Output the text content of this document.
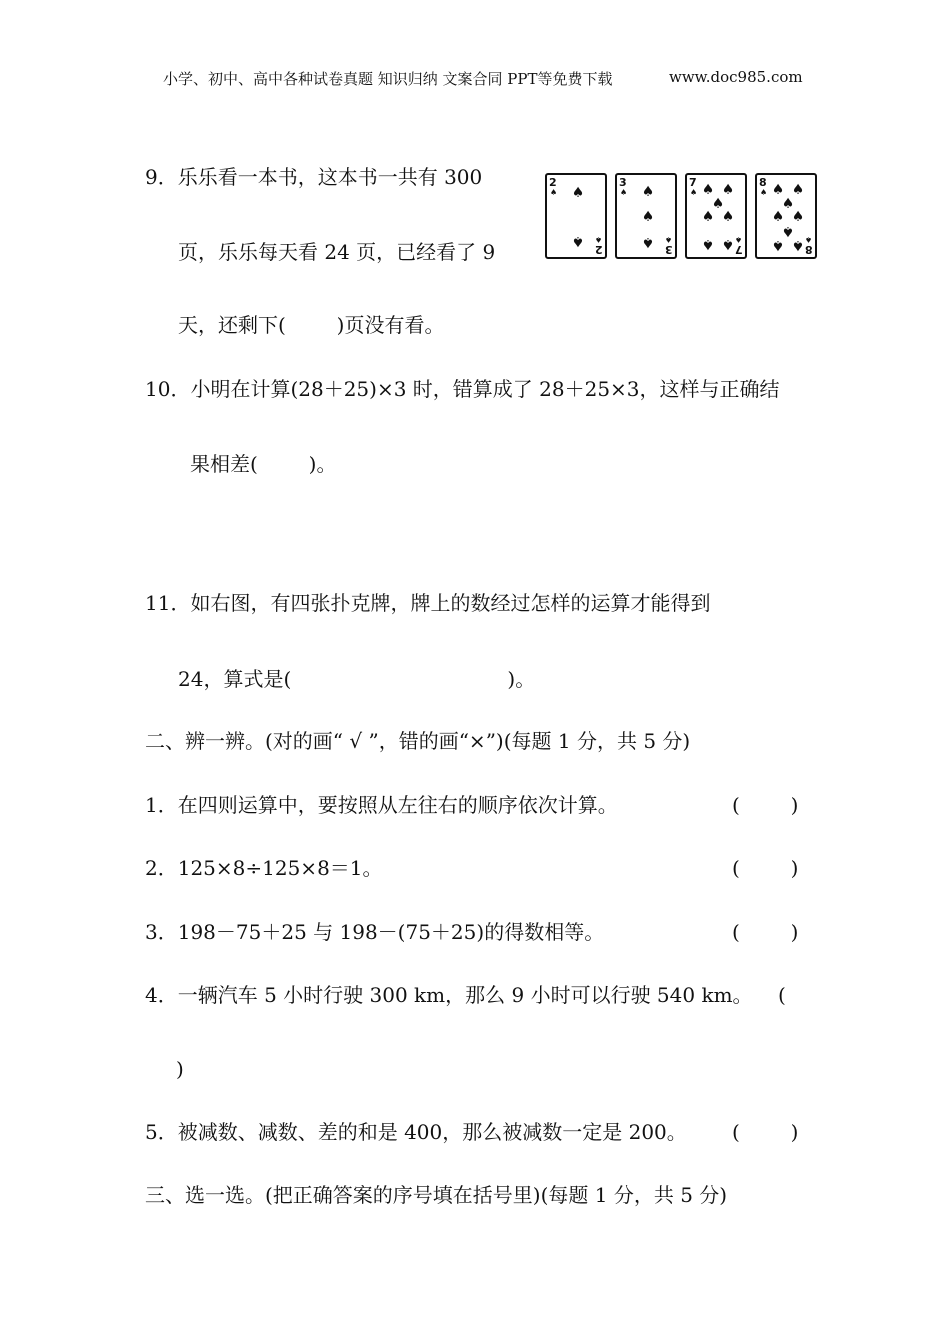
小学、初中、高中各种试卷真题 知识归纳 文案合同 PPT等免费下载	www.doc985.com
9．乐乐看一本书，这本书一共有 300
页，乐乐每天看 24 页，已经看了 9
天，还剩下(        )页没有看。
2
♠ ♠
♠ ♠
2
3
♠ ♠
♠
♠ ♠
3
7
♠ ♠ ♠
♠
♠ ♠
♠ ♠ ♠
7
8
♠ ♠ ♠
♠
♠ ♠
♠
♠ ♠ ♠
8
10．小明在计算(28＋25)×3 时，错算成了 28＋25×3，这样与正确结
果相差(        )。
11．如右图，有四张扑克牌，牌上的数经过怎样的运算才能得到
24，算式是(                                  )。
二、辨一辨。(对的画“ √ ”，错的画“×”)(每题 1 分，共 5 分)
1．在四则运算中，要按照从左往右的顺序依次计算。	(        )
2．125×8÷125×8＝1。	(        )
3．198－75＋25 与 198－(75＋25)的得数相等。	(        )
4．一辆汽车 5 小时行驶 300 km，那么 9 小时可以行驶 540 km。 (
)
5．被减数、减数、差的和是 400，那么被减数一定是 200。 (        )
三、选一选。(把正确答案的序号填在括号里)(每题 1 分，共 5 分)
